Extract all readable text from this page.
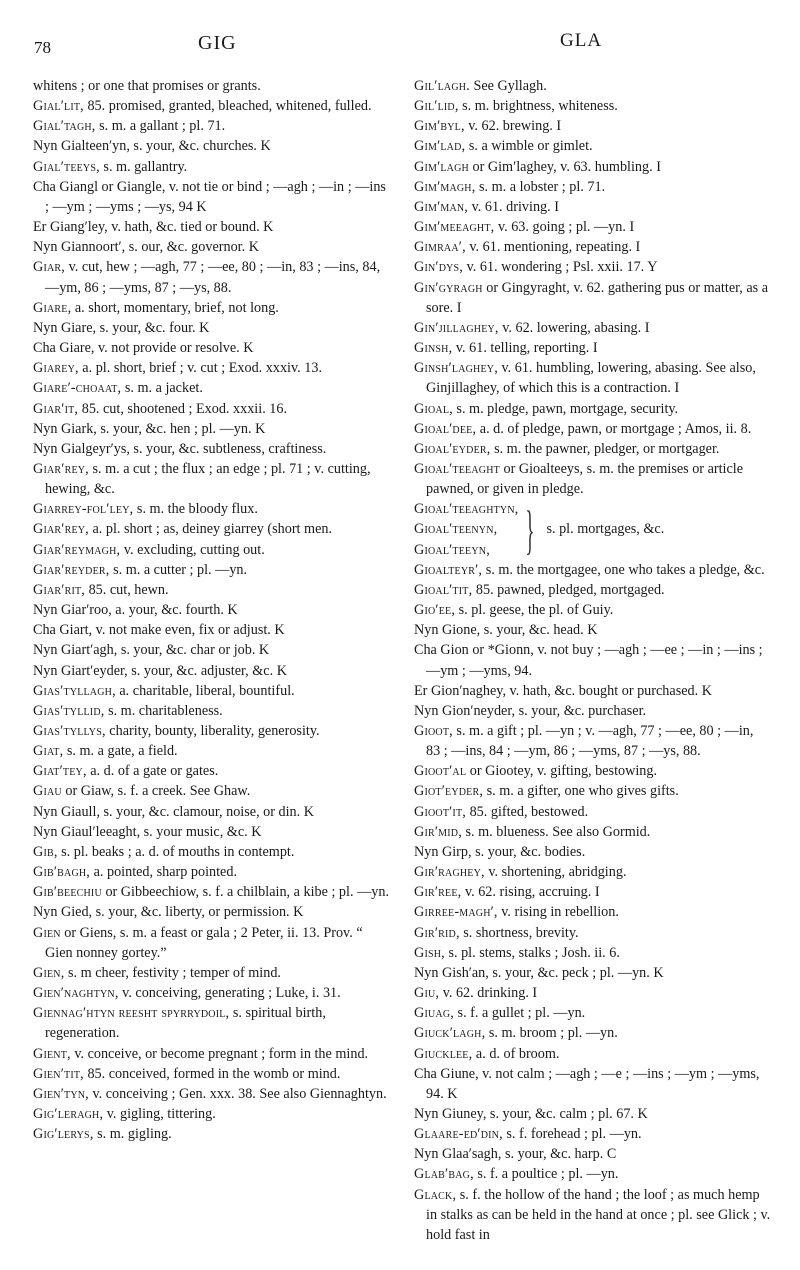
78	GIG	GLA

whitens ; or one that promises or grants.

Gial′lit, 85. promised, granted, bleached, whitened, fulled.

Gial′tagh, s. m. a gallant ; pl. 71.

Nyn Gialteen′yn, s. your, &c. churches. K

Gial′teeys, s. m. gallantry.

Cha Giangl or Giangle, v. not tie or bind ; —agh ; —in ; —ins ; —ym ; —yms ; —ys, 94 K

Er Giang′ley, v. hath, &c. tied or bound. K

Nyn Giannoort′, s. our, &c. governor. K

Giar, v. cut, hew ; —agh, 77 ; —ee, 80 ; —in, 83 ; —ins, 84, —ym, 86 ; —yms, 87 ; —ys, 88.

Giare, a. short, momentary, brief, not long.

Nyn Giare, s. your, &c. four. K

Cha Giare, v. not provide or resolve. K

Giarey, a. pl. short, brief ; v. cut ; Exod. xxxiv. 13.

Giare′-choaat, s. m. a jacket.

Giar′it, 85. cut, shootened ; Exod. xxxii. 16.

Nyn Giark, s. your, &c. hen ; pl. —yn. K

Nyn Gialgeyr′ys, s. your, &c. subtleness, craftiness.

Giar′rey, s. m. a cut ; the flux ; an edge ; pl. 71 ; v. cutting, hewing, &c.

Giarrey-fol′ley, s. m. the bloody flux.

Giar′rey, a. pl. short ; as, deiney giarrey (short men.

Giar′reymagh, v. excluding, cutting out.

Giar′reyder, s. m. a cutter ; pl. —yn.

Giar′rit, 85. cut, hewn.

Nyn Giar′roo, a. your, &c. fourth. K

Cha Giart, v. not make even, fix or adjust. K

Nyn Giart′agh, s. your, &c. char or job. K

Nyn Giart′eyder, s. your, &c. adjuster, &c. K

Gias′tyllagh, a. charitable, liberal, bountiful.

Gias′tyllid, s. m. charitableness.

Gias′tyllys, charity, bounty, liberality, generosity.

Giat, s. m. a gate, a field.

Giat′tey, a. d. of a gate or gates.

Giau or Giaw, s. f. a creek. See Ghaw.

Nyn Giaull, s. your, &c. clamour, noise, or din. K

Nyn Giaul′leeaght, s. your music, &c. K

Gib, s. pl. beaks ; a. d. of mouths in contempt.

Gib′bagh, a. pointed, sharp pointed.

Gib′beechiu or Gibbeechiow, s. f. a chilblain, a kibe ; pl. —yn.

Nyn Gied, s. your, &c. liberty, or permission. K

Gien or Giens, s. m. a feast or gala ; 2 Peter, ii. 13. Prov. “ Gien nonney gortey.”

Gien, s. m cheer, festivity ; temper of mind.

Gien′naghtyn, v. conceiving, generating ; Luke, i. 31.

Giennag′htyn reesht spyrrydoil, s. spiritual birth, regeneration.

Gient, v. conceive, or become pregnant ; form in the mind.

Gien′tit, 85. conceived, formed in the womb or mind.

Gien′tyn, v. conceiving ; Gen. xxx. 38. See also Giennaghtyn.

Gig′leragh, v. gigling, tittering.

Gig′lerys, s. m. gigling.

Gil′lagh. See Gyllagh.

Gil′lid, s. m. brightness, whiteness.

Gim′byl, v. 62. brewing. I

Gim′lad, s. a wimble or gimlet.

Gim′lagh or Gim′laghey, v. 63. humbling. I

Gim′magh, s. m. a lobster ; pl. 71.

Gim′man, v. 61. driving. I

Gim′meeaght, v. 63. going ; pl. —yn. I

Gimraa′, v. 61. mentioning, repeating. I

Gin′dys, v. 61. wondering ; Psl. xxii. 17. Y

Gin′gyragh or Gingyraght, v. 62. gathering pus or matter, as a sore. I

Gin′jillaghey, v. 62. lowering, abasing. I

Ginsh, v. 61. telling, reporting. I

Ginsh′laghey, v. 61. humbling, lowering, abasing. See also, Ginjillaghey, of which this is a contraction. I

Gioal, s. m. pledge, pawn, mortgage, security.

Gioal′dee, a. d. of pledge, pawn, or mortgage ; Amos, ii. 8.

Gioal′eyder, s. m. the pawner, pledger, or mortgager.

Gioal′teeaght or Gioalteeys, s. m. the premises or article pawned, or given in pledge.

Gioal′teeaghtyn,
Gioal′teenyn,
Gioal′teeyn, } s. pl. mortgages, &c.

Gioalteyr′, s. m. the mortgagee, one who takes a pledge, &c.

Gioal′tit, 85. pawned, pledged, mortgaged.

Gio′ee, s. pl. geese, the pl. of Guiy.

Nyn Gione, s. your, &c. head. K

Cha Gion or *Gionn, v. not buy ; —agh ; —ee ; —in ; —ins ; —ym ; —yms, 94.

Er Gion′naghey, v. hath, &c. bought or purchased. K

Nyn Gion′neyder, s. your, &c. purchaser.

Gioot, s. m. a gift ; pl. —yn ; v. —agh, 77 ; —ee, 80 ; —in, 83 ; —ins, 84 ; —ym, 86 ; —yms, 87 ; —ys, 88.

Gioot′al or Giootey, v. gifting, bestowing.

Giot′eyder, s. m. a gifter, one who gives gifts.

Gioot′it, 85. gifted, bestowed.

Gir′mid, s. m. blueness. See also Gormid.

Nyn Girp, s. your, &c. bodies.

Gir′raghey, v. shortening, abridging.

Gir′ree, v. 62. rising, accruing. I

Girree-magh′, v. rising in rebellion.

Gir′rid, s. shortness, brevity.

Gish, s. pl. stems, stalks ; Josh. ii. 6.

Nyn Gish′an, s. your, &c. peck ; pl. —yn. K

Giu, v. 62. drinking. I

Giuag, s. f. a gullet ; pl. —yn.

Giuck′lagh, s. m. broom ; pl. —yn.

Giucklee, a. d. of broom.

Cha Giune, v. not calm ; —agh ; —e ; —ins ; —ym ; —yms, 94. K

Nyn Giuney, s. your, &c. calm ; pl. 67. K

Glaare-ed′din, s. f. forehead ; pl. —yn.

Nyn Glaa′sagh, s. your, &c. harp. C

Glab′bag, s. f. a poultice ; pl. —yn.

Glack, s. f. the hollow of the hand ; the loof ; as much hemp in stalks as can be held in the hand at once ; pl. see Glick ; v. hold fast in
